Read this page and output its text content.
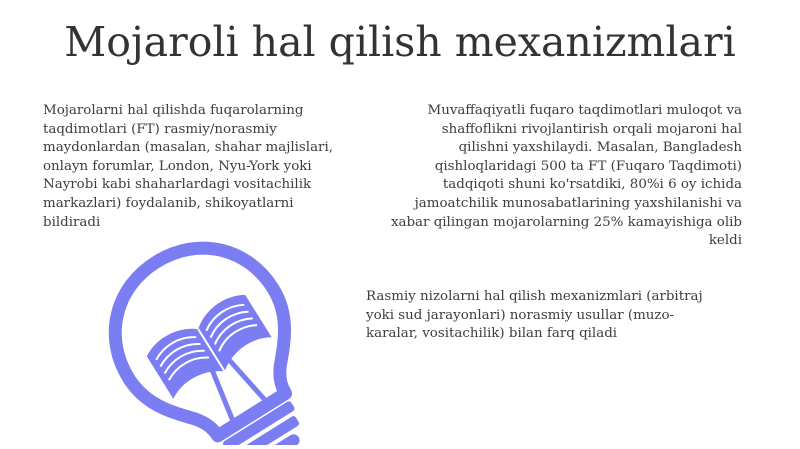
Mojaroli hal qilish mexanizmlari

Mojarolarni hal qilishda fuqarolarning taqdimotlari (FT) rasmiy/norasmiy maydonlardan (masalan, shahar majlislari, onlayn forumlar, London, Nyu-York yoki Nayrobi kabi shaharlardagi vositachilik markazlari) foydalanib, shikoyatlarni bildiradi

Muvaffaqiyatli fuqaro taqdimotlari muloqot va shaffoflikni rivojlantirish orqali mojaroni hal qilishni yaxshilaydi. Masalan, Bangladesh qishloqlaridagi 500 ta FT (Fuqaro Taqdimoti) tadqiqoti shuni ko'rsatdiki, 80%i 6 oy ichida jamoatchilik munosabatlarining yaxshilanishi va xabar qilingan mojarolarning 25% kamayishiga olib keldi

Rasmiy nizolarni hal qilish mexanizmlari (arbitraj yoki sud jarayonlari) norasmiy usullar (muzo-karalar, vositachilik) bilan farq qiladi
